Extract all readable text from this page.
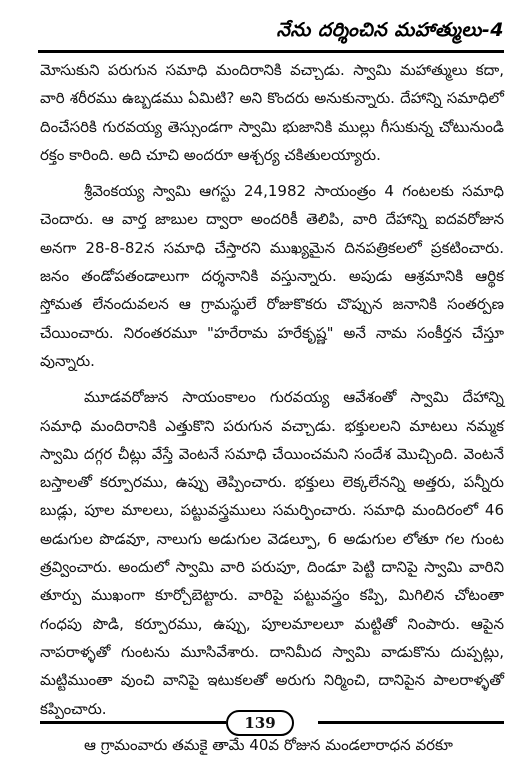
నేను దర్శించిన మహాత్ములు-4

మోసుకుని పరుగున సమాధి మందిరానికి వచ్చాడు. స్వామి మహాత్ములు కదా, వారి శరీరము ఉబ్బడము ఏమిటి? అని కొందరు అనుకున్నారు. దేహాన్ని సమాధిలో దించేసరికి గురవయ్య తెస్సుండగా స్వామి భుజానికి ముల్లు గీసుకున్న చోటునుండి రక్తం కారింది. అది చూచి అందరూ ఆశ్చర్య చకితులయ్యారు.

శ్రీవెంకయ్య స్వామి ఆగస్టు 24,1982 సాయంత్రం 4 గంటలకు సమాధి చెందారు. ఆ వార్త జాబుల ద్వారా అందరికీ తెలిపి, వారి దేహాన్ని ఐదవరోజున అనగా 28-8-82న సమాధి చేస్తారని ముఖ్యమైన దినపత్రికలలో ప్రకటించారు. జనం తండోపతండాలుగా దర్శనానికి వస్తున్నారు. అపుడు ఆశ్రమానికి ఆర్థిక స్తోమత లేనందువలన ఆ గ్రామస్థులే రోజుకొకరు చొప్పున జనానికి సంతర్పణ చేయించారు. నిరంతరమూ "హరేరామ హరేకృష్ణ" అనే నామ సంకీర్తన చేస్తూ వున్నారు.

మూడవరోజున సాయంకాలం గురవయ్య ఆవేశంతో స్వామి దేహాన్ని సమాధి మందిరానికి ఎత్తుకొని పరుగున వచ్చాడు. భక్తులలని మాటలు నమ్మక స్వామి దగ్గర చీట్లు వేస్తే వెంటనే సమాధి చేయించమని సందేశ మొచ్చింది. వెంటనే బస్తాలతో కర్పూరము, ఉప్పు తెప్పించారు. భక్తులు లెక్కలేనన్ని అత్తరు, పన్నీరు బుడ్లు, పూల మాలలు, పట్టువస్త్రములు సమర్పించారు. సమాధి మందిరంలో 46 అడుగుల పొడవూ, నాలుగు అడుగుల వెడల్పూ, 6 అడుగుల లోతూ గల గుంట త్రవ్వించారు. అందులో స్వామి వారి పరుపూ, దిండూ పెట్టి దానిపై స్వామి వారిని తూర్పు ముఖంగా కూర్చోబెట్టారు. వారిపై పట్టువస్త్రం కప్పి, మిగిలిన చోటంతా గంధపు పొడి, కర్పూరము, ఉప్పు, పూలమాలలూ మట్టితో నింపారు. ఆపైన నాపరాళ్ళతో గుంటను మూసివేశారు. దానిమీద స్వామి వాడుకొను దుప్పట్లు, మట్టిముంతా వుంచి వానిపై ఇటుకలతో అరుగు నిర్మించి, దానిపైన పాలరాళ్ళతో కప్పించారు.

ఆ గ్రామంవారు తమకై తామే 40వ రోజున మండలారాధన వరకూ

139
